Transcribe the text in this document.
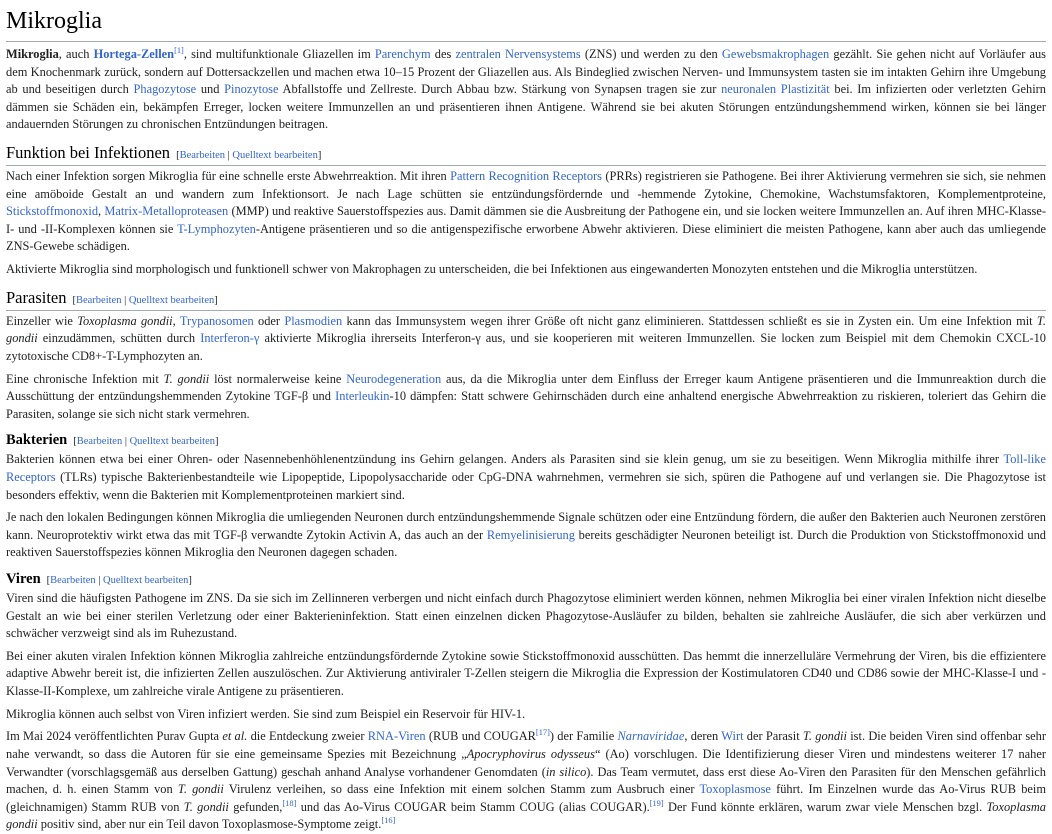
Mikroglia

Mikroglia, auch Hortega-Zellen[1], sind multifunktionale Gliazellen im Parenchym des zentralen Nervensystems (ZNS) und werden zu den Gewebsmakrophagen gezählt. Sie gehen nicht auf Vorläufer aus dem Knochenmark zurück, sondern auf Dottersackzellen und machen etwa 10–15 Prozent der Gliazellen aus. Als Bindeglied zwischen Nerven- und Immunsystem tasten sie im intakten Gehirn ihre Umgebung ab und beseitigen durch Phagozytose und Pinozytose Abfallstoffe und Zellreste. Durch Abbau bzw. Stärkung von Synapsen tragen sie zur neuronalen Plastizität bei. Im infizierten oder verletzten Gehirn dämmen sie Schäden ein, bekämpfen Erreger, locken weitere Immunzellen an und präsentieren ihnen Antigene. Während sie bei akuten Störungen entzündungshemmend wirken, können sie bei länger andauernden Störungen zu chronischen Entzündungen beitragen.

Funktion bei Infektionen [Bearbeiten | Quelltext bearbeiten]

Nach einer Infektion sorgen Mikroglia für eine schnelle erste Abwehrreaktion. Mit ihren Pattern Recognition Receptors (PRRs) registrieren sie Pathogene. Bei ihrer Aktivierung vermehren sie sich, sie nehmen eine amöboide Gestalt an und wandern zum Infektionsort. Je nach Lage schütten sie entzündungsfördernde und -hemmende Zytokine, Chemokine, Wachstumsfaktoren, Komplementproteine, Stickstoffmonoxid, Matrix-Metalloproteasen (MMP) und reaktive Sauerstoffspezies aus. Damit dämmen sie die Ausbreitung der Pathogene ein, und sie locken weitere Immunzellen an. Auf ihren MHC-Klasse-I- und -II-Komplexen können sie T-Lymphozyten-Antigene präsentieren und so die antigenspezifische erworbene Abwehr aktivieren. Diese eliminiert die meisten Pathogene, kann aber auch das umliegende ZNS-Gewebe schädigen.

Aktivierte Mikroglia sind morphologisch und funktionell schwer von Makrophagen zu unterscheiden, die bei Infektionen aus eingewanderten Monozyten entstehen und die Mikroglia unterstützen.

Parasiten [Bearbeiten | Quelltext bearbeiten]

Einzeller wie Toxoplasma gondii, Trypanosomen oder Plasmodien kann das Immunsystem wegen ihrer Größe oft nicht ganz eliminieren. Stattdessen schließt es sie in Zysten ein. Um eine Infektion mit T. gondii einzudämmen, schütten durch Interferon-γ aktivierte Mikroglia ihrerseits Interferon-γ aus, und sie kooperieren mit weiteren Immunzellen. Sie locken zum Beispiel mit dem Chemokin CXCL-10 zytotoxische CD8+-T-Lymphozyten an.

Eine chronische Infektion mit T. gondii löst normalerweise keine Neurodegeneration aus, da die Mikroglia unter dem Einfluss der Erreger kaum Antigene präsentieren und die Immunreaktion durch die Ausschüttung der entzündungshemmenden Zytokine TGF-β und Interleukin-10 dämpfen: Statt schwere Gehirnschäden durch eine anhaltend energische Abwehrreaktion zu riskieren, toleriert das Gehirn die Parasiten, solange sie sich nicht stark vermehren.

Bakterien [Bearbeiten | Quelltext bearbeiten]

Bakterien können etwa bei einer Ohren- oder Nasennebenhöhlenentzündung ins Gehirn gelangen. Anders als Parasiten sind sie klein genug, um sie zu beseitigen. Wenn Mikroglia mithilfe ihrer Toll-like Receptors (TLRs) typische Bakterienbestandteile wie Lipopeptide, Lipopolysaccharide oder CpG-DNA wahrnehmen, vermehren sie sich, spüren die Pathogene auf und verlangen sie. Die Phagozytose ist besonders effektiv, wenn die Bakterien mit Komplementproteinen markiert sind.

Je nach den lokalen Bedingungen können Mikroglia die umliegenden Neuronen durch entzündungshemmende Signale schützen oder eine Entzündung fördern, die außer den Bakterien auch Neuronen zerstören kann. Neuroprotektiv wirkt etwa das mit TGF-β verwandte Zytokin Activin A, das auch an der Remyelinisierung bereits geschädigter Neuronen beteiligt ist. Durch die Produktion von Stickstoffmonoxid und reaktiven Sauerstoffspezies können Mikroglia den Neuronen dagegen schaden.

Viren [Bearbeiten | Quelltext bearbeiten]

Viren sind die häufigsten Pathogene im ZNS. Da sie sich im Zellinneren verbergen und nicht einfach durch Phagozytose eliminiert werden können, nehmen Mikroglia bei einer viralen Infektion nicht dieselbe Gestalt an wie bei einer sterilen Verletzung oder einer Bakterieninfektion. Statt einen einzelnen dicken Phagozytose-Ausläufer zu bilden, behalten sie zahlreiche Ausläufer, die sich aber verkürzen und schwächer verzweigt sind als im Ruhezustand.

Bei einer akuten viralen Infektion können Mikroglia zahlreiche entzündungsfördernde Zytokine sowie Stickstoffmonoxid ausschütten. Das hemmt die innerzelluläre Vermehrung der Viren, bis die effizientere adaptive Abwehr bereit ist, die infizierten Zellen auszulöschen. Zur Aktivierung antiviraler T-Zellen steigern die Mikroglia die Expression der Kostimulatoren CD40 und CD86 sowie der MHC-Klasse-I und -Klasse-II-Komplexe, um zahlreiche virale Antigene zu präsentieren.

Mikroglia können auch selbst von Viren infiziert werden. Sie sind zum Beispiel ein Reservoir für HIV-1.

Im Mai 2024 veröffentlichten Purav Gupta et al. die Entdeckung zweier RNA-Viren (RUB und COUGAR[17]) der Familie Narnaviridae, deren Wirt der Parasit T. gondii ist. Die beiden Viren sind offenbar sehr nahe verwandt, so dass die Autoren für sie eine gemeinsame Spezies mit Bezeichnung „Apocryphovirus odysseus“ (Ao) vorschlugen. Die Identifizierung dieser Viren und mindestens weiterer 17 naher Verwandter (vorschlagsgemäß aus derselben Gattung) geschah anhand Analyse vorhandener Genomdaten (in silico). Das Team vermutet, dass erst diese Ao-Viren den Parasiten für den Menschen gefährlich machen, d. h. einen Stamm von T. gondii Virulenz verleihen, so dass eine Infektion mit einem solchen Stamm zum Ausbruch einer Toxoplasmose führt. Im Einzelnen wurde das Ao-Virus RUB beim (gleichnamigen) Stamm RUB von T. gondii gefunden,[18] und das Ao-Virus COUGAR beim Stamm COUG (alias COUGAR).[19] Der Fund könnte erklären, warum zwar viele Menschen bzgl. Toxoplasma gondii positiv sind, aber nur ein Teil davon Toxoplasmose-Symptome zeigt.[16]
